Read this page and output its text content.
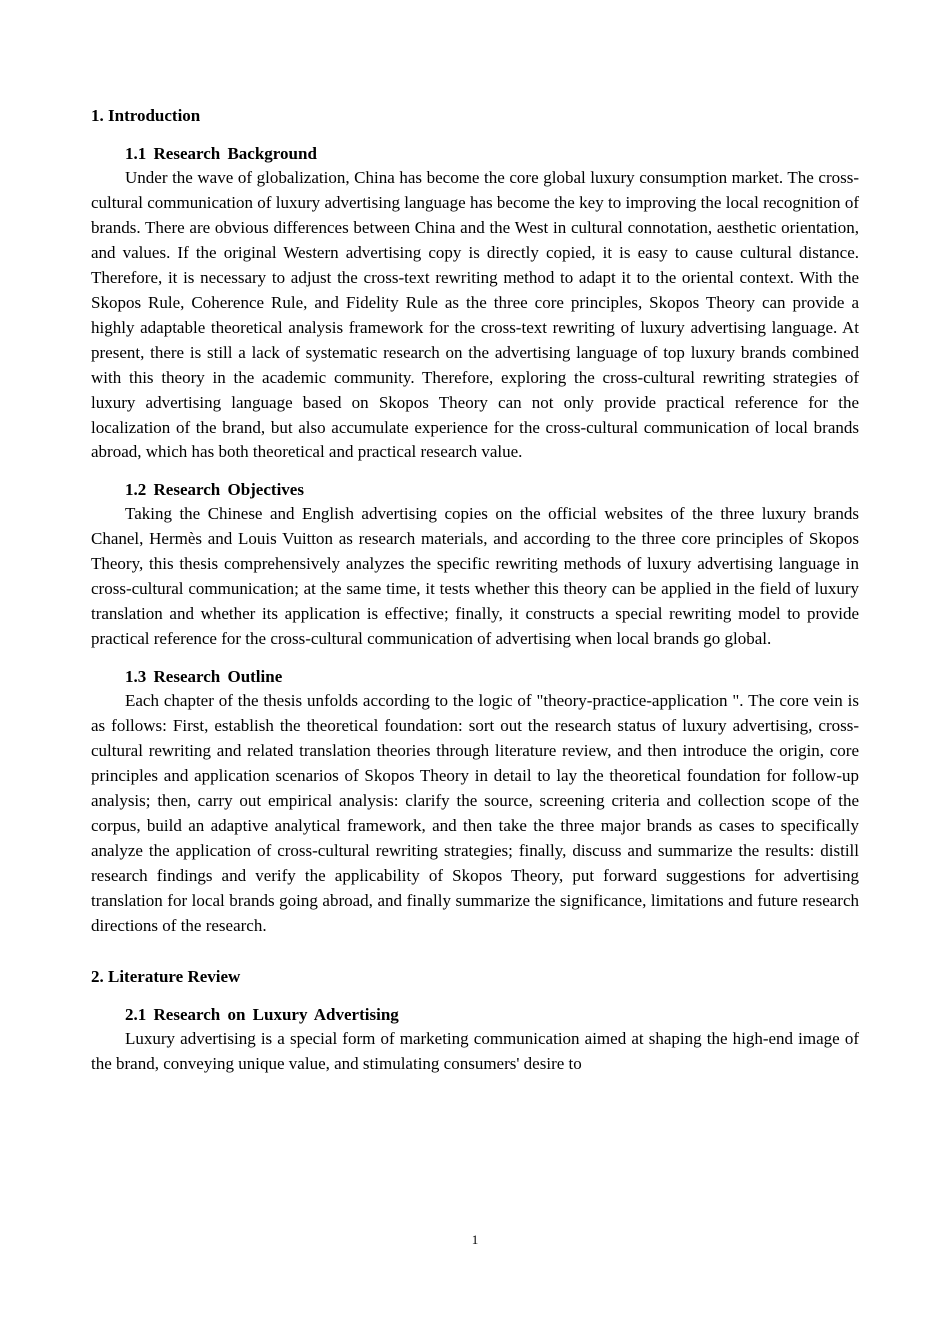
1. Introduction

1.1 Research Background

Under the wave of globalization, China has become the core global luxury consumption market. The cross-cultural communication of luxury advertising language has become the key to improving the local recognition of brands. There are obvious differences between China and the West in cultural connotation, aesthetic orientation, and values. If the original Western advertising copy is directly copied, it is easy to cause cultural distance. Therefore, it is necessary to adjust the cross-text rewriting method to adapt it to the oriental context. With the Skopos Rule, Coherence Rule, and Fidelity Rule as the three core principles, Skopos Theory can provide a highly adaptable theoretical analysis framework for the cross-text rewriting of luxury advertising language. At present, there is still a lack of systematic research on the advertising language of top luxury brands combined with this theory in the academic community. Therefore, exploring the cross-cultural rewriting strategies of luxury advertising language based on Skopos Theory can not only provide practical reference for the localization of the brand, but also accumulate experience for the cross-cultural communication of local brands abroad, which has both theoretical and practical research value.

1.2 Research Objectives

Taking the Chinese and English advertising copies on the official websites of the three luxury brands Chanel, Hermès and Louis Vuitton as research materials, and according to the three core principles of Skopos Theory, this thesis comprehensively analyzes the specific rewriting methods of luxury advertising language in cross-cultural communication; at the same time, it tests whether this theory can be applied in the field of luxury translation and whether its application is effective; finally, it constructs a special rewriting model to provide practical reference for the cross-cultural communication of advertising when local brands go global.

1.3 Research Outline

Each chapter of the thesis unfolds according to the logic of "theory-practice-application ". The core vein is as follows: First, establish the theoretical foundation: sort out the research status of luxury advertising, cross-cultural rewriting and related translation theories through literature review, and then introduce the origin, core principles and application scenarios of Skopos Theory in detail to lay the theoretical foundation for follow-up analysis; then, carry out empirical analysis: clarify the source, screening criteria and collection scope of the corpus, build an adaptive analytical framework, and then take the three major brands as cases to specifically analyze the application of cross-cultural rewriting strategies; finally, discuss and summarize the results: distill research findings and verify the applicability of Skopos Theory, put forward suggestions for advertising translation for local brands going abroad, and finally summarize the significance, limitations and future research directions of the research.

2. Literature Review

2.1 Research on Luxury Advertising

Luxury advertising is a special form of marketing communication aimed at shaping the high-end image of the brand, conveying unique value, and stimulating consumers' desire to

1
